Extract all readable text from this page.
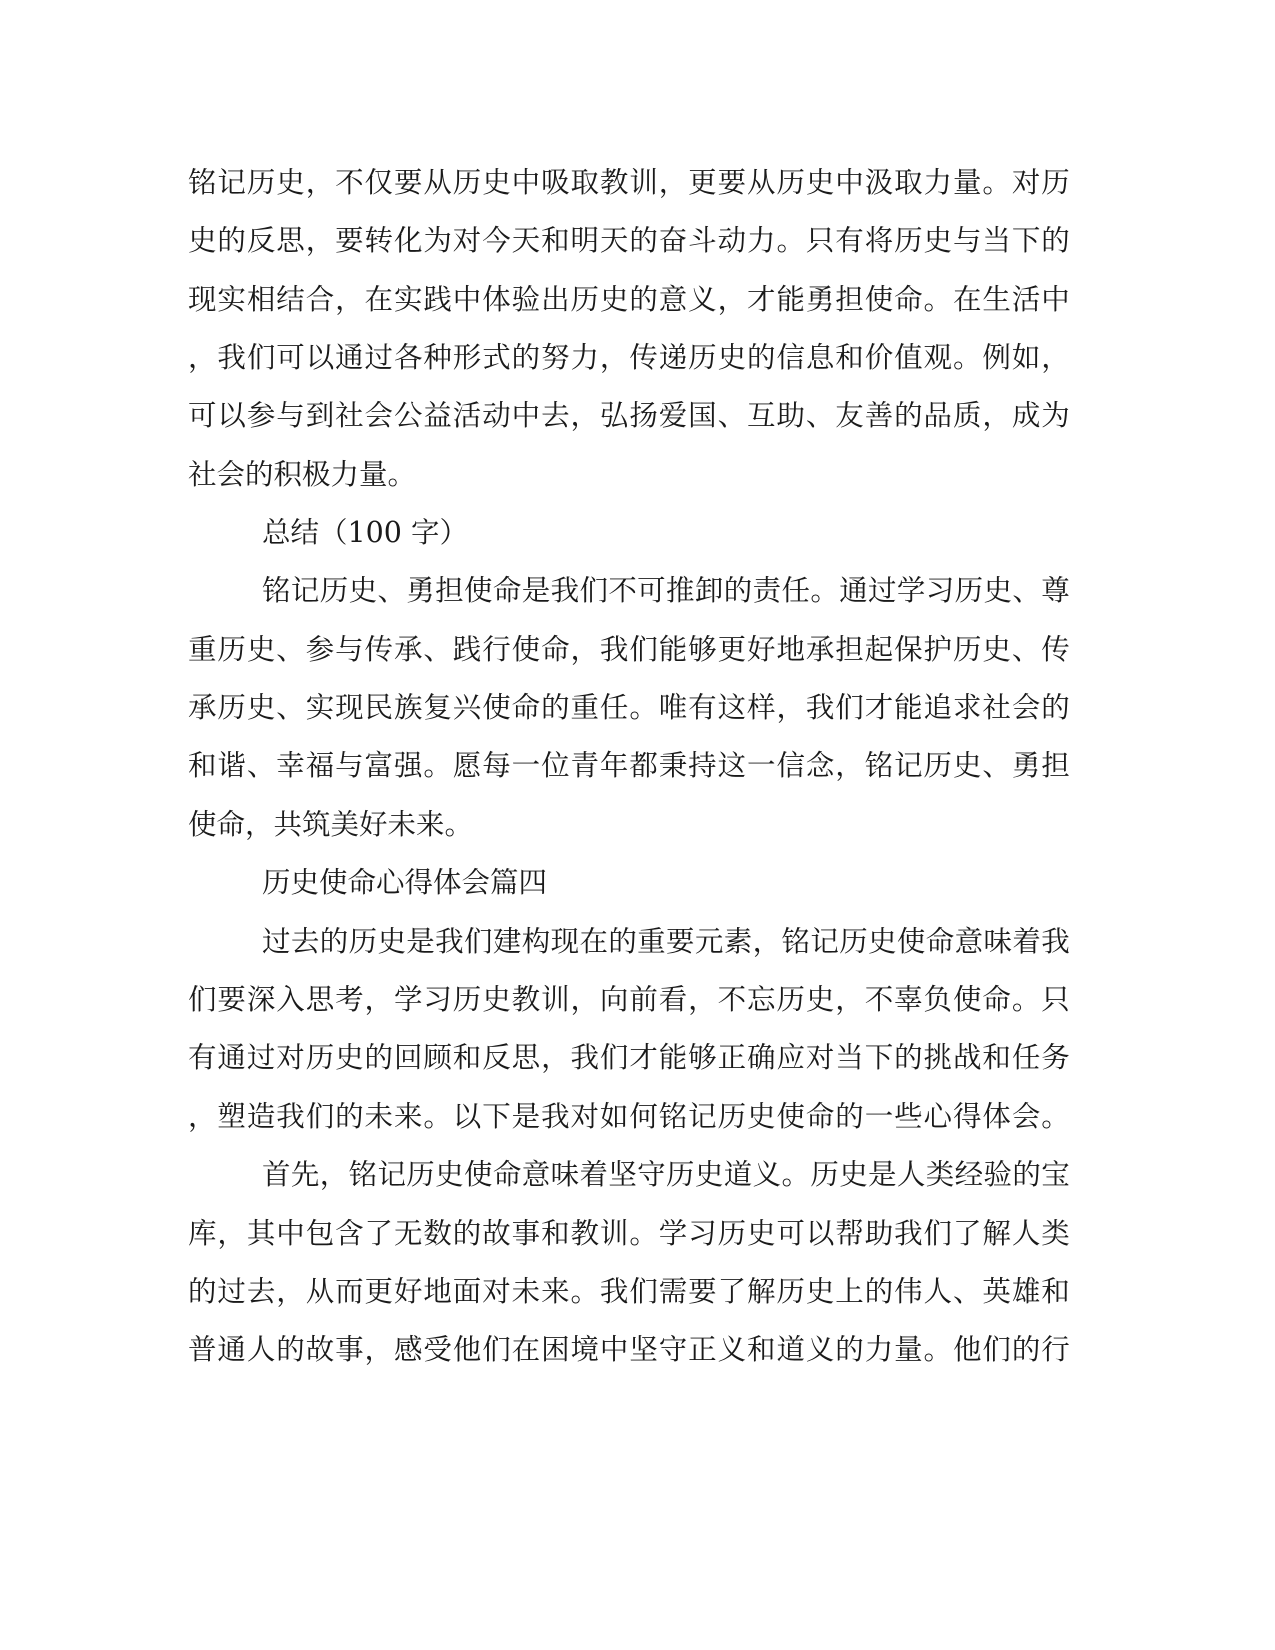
铭 记 历 史 ， 不 仅 要 从 历 史 中 吸 取 教 训 ， 更 要 从 历 史 中 汲 取 力 量 。 对 历
史 的 反 思 ， 要 转 化 为 对 今 天 和 明 天 的 奋 斗 动 力 。 只 有 将 历 史 与 当 下 的
现 实 相 结 合 ， 在 实 践 中 体 验 出 历 史 的 意 义 ， 才 能 勇 担 使 命 。 在 生 活 中
， 我 们 可 以 通 过 各 种 形 式 的 努 力 ， 传 递 历 史 的 信 息 和 价 值 观 。 例 如 ，
可 以 参 与 到 社 会 公 益 活 动 中 去 ， 弘 扬 爱 国 、 互 助 、 友 善 的 品 质 ， 成 为
社会的积极力量。
总结（100 字）
铭 记 历 史 、 勇 担 使 命 是 我 们 不 可 推 卸 的 责 任 。 通 过 学 习 历 史 、 尊
重 历 史 、 参 与 传 承 、 践 行 使 命 ， 我 们 能 够 更 好 地 承 担 起 保 护 历 史 、 传
承 历 史 、 实 现 民 族 复 兴 使 命 的 重 任 。 唯 有 这 样 ， 我 们 才 能 追 求 社 会 的
和 谐 、 幸 福 与 富 强 。 愿 每 一 位 青 年 都 秉 持 这 一 信 念 ， 铭 记 历 史 、 勇 担
使命，共筑美好未来。
历史使命心得体会篇四
过 去 的 历 史 是 我 们 建 构 现 在 的 重 要 元 素 ， 铭 记 历 史 使 命 意 味 着 我
们 要 深 入 思 考 ， 学 习 历 史 教 训 ， 向 前 看 ， 不 忘 历 史 ， 不 辜 负 使 命 。 只
有 通 过 对 历 史 的 回 顾 和 反 思 ， 我 们 才 能 够 正 确 应 对 当 下 的 挑 战 和 任 务
， 塑 造 我 们 的 未 来 。 以 下 是 我 对 如 何 铭 记 历 史 使 命 的 一 些 心 得 体 会 。
首 先 ， 铭 记 历 史 使 命 意 味 着 坚 守 历 史 道 义 。 历 史 是 人 类 经 验 的 宝
库 ， 其 中 包 含 了 无 数 的 故 事 和 教 训 。 学 习 历 史 可 以 帮 助 我 们 了 解 人 类
的 过 去 ， 从 而 更 好 地 面 对 未 来 。 我 们 需 要 了 解 历 史 上 的 伟 人 、 英 雄 和
普 通 人 的 故 事 ， 感 受 他 们 在 困 境 中 坚 守 正 义 和 道 义 的 力 量 。 他 们 的 行
